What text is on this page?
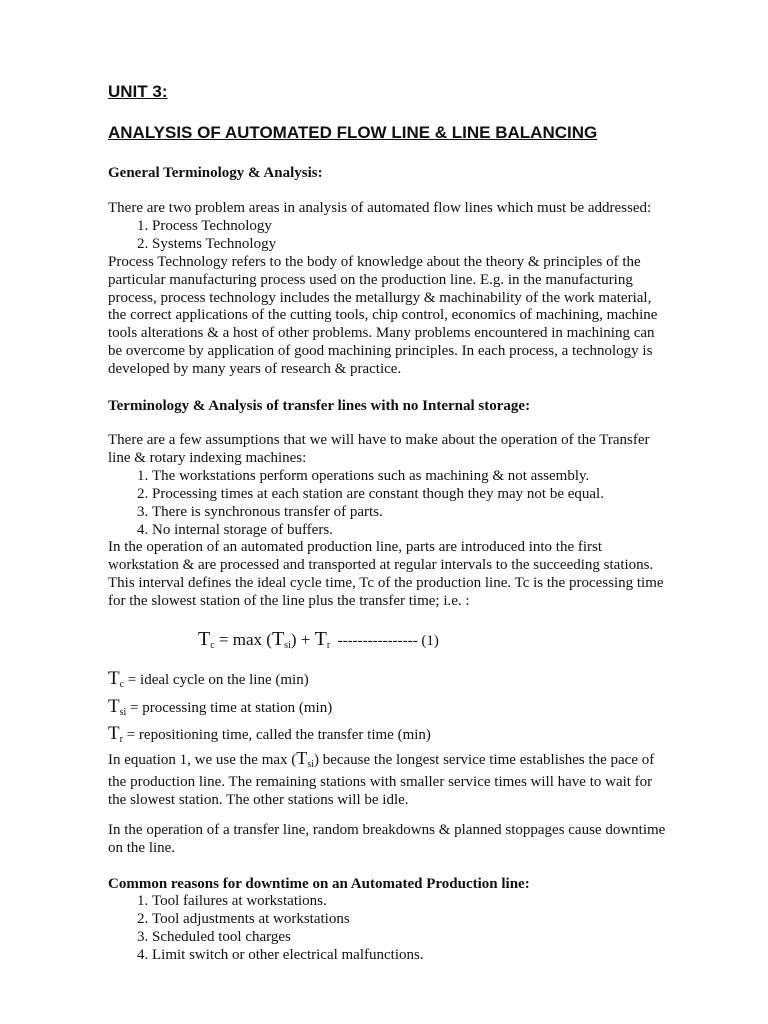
UNIT 3:
ANALYSIS OF AUTOMATED FLOW LINE & LINE BALANCING
General Terminology & Analysis:

There are two problem areas in analysis of automated flow lines which must be addressed:

1. Process Technology
2. Systems Technology

Process Technology refers to the body of knowledge about the theory & principles of the particular manufacturing process used on the production line. E.g. in the manufacturing process, process technology includes the metallurgy & machinability of the work material, the correct applications of the cutting tools, chip control, economics of machining, machine tools alterations & a host of other problems. Many problems encountered in machining can be overcome by application of good machining principles. In each process, a technology is developed by many years of research & practice.

Terminology & Analysis of transfer lines with no Internal storage:

There are a few assumptions that we will have to make about the operation of the Transfer line & rotary indexing machines:

1. The workstations perform operations such as machining & not assembly.
2. Processing times at each station are constant though they may not be equal.
3. There is synchronous transfer of parts.
4. No internal storage of buffers.

In the operation of an automated production line, parts are introduced into the first workstation & are processed and transported at regular intervals to the succeeding stations. This interval defines the ideal cycle time, Tc of the production line. Tc is the processing time for the slowest station of the line plus the transfer time; i.e. :

$T_c = \max (T_{si}) + T_r$  ---------------- (1)
$T_c$ = ideal cycle on the line (min)
$T_{si}$ = processing time at station (min)
$T_r$ = repositioning time, called the transfer time (min)

In equation 1, we use the $\max (T_{si})$ because the longest service time establishes the pace of the production line. The remaining stations with smaller service times will have to wait for the slowest station. The other stations will be idle.

In the operation of a transfer line, random breakdowns & planned stoppages cause downtime on the line.
Common reasons for downtime on an Automated Production line:
1. Tool failures at workstations.
2. Tool adjustments at workstations
3. Scheduled tool charges
4. Limit switch or other electrical malfunctions.
